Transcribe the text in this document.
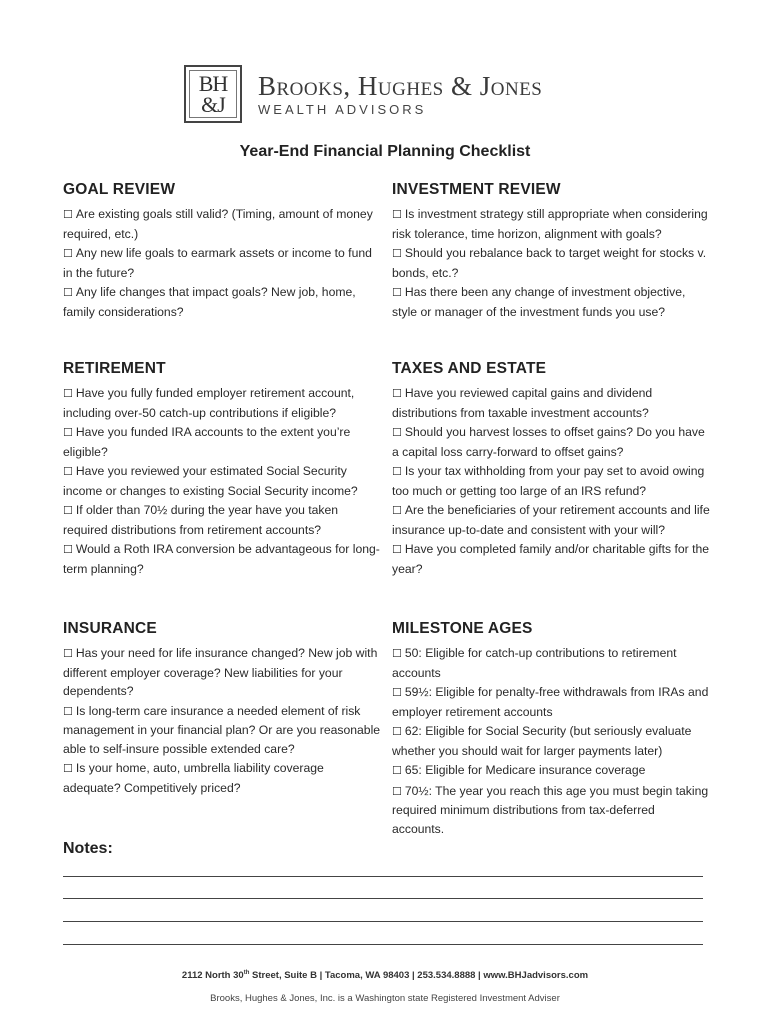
BH
&J
Brooks, Hughes & Jones
WEALTH ADVISORS
Year-End Financial Planning Checklist
GOAL REVIEW
☐ Are existing goals still valid? (Timing, amount of money required, etc.)
☐ Any new life goals to earmark assets or income to fund in the future?
☐ Any life changes that impact goals? New job, home, family considerations?
INVESTMENT REVIEW
☐ Is investment strategy still appropriate when considering risk tolerance, time horizon, alignment with goals?
☐ Should you rebalance back to target weight for stocks v. bonds, etc.?
☐ Has there been any change of investment objective, style or manager of the investment funds you use?
RETIREMENT
☐ Have you fully funded employer retirement account, including over-50 catch-up contributions if eligible?
☐ Have you funded IRA accounts to the extent you’re eligible?
☐ Have you reviewed your estimated Social Security income or changes to existing Social Security income?
☐ If older than 70½ during the year have you taken required distributions from retirement accounts?
☐ Would a Roth IRA conversion be advantageous for long-term planning?
TAXES AND ESTATE
☐ Have you reviewed capital gains and dividend distributions from taxable investment accounts?
☐ Should you harvest losses to offset gains? Do you have a capital loss carry-forward to offset gains?
☐ Is your tax withholding from your pay set to avoid owing too much or getting too large of an IRS refund?
☐ Are the beneficiaries of your retirement accounts and life insurance up-to-date and consistent with your will?
☐ Have you completed family and/or charitable gifts for the year?
INSURANCE
☐ Has your need for life insurance changed? New job with different employer coverage? New liabilities for your dependents?
☐ Is long-term care insurance a needed element of risk management in your financial plan? Or are you reasonable able to self-insure possible extended care?
☐ Is your home, auto, umbrella liability coverage adequate? Competitively priced?
MILESTONE AGES
☐ 50: Eligible for catch-up contributions to retirement accounts
☐ 59½: Eligible for penalty-free withdrawals from IRAs and employer retirement accounts
☐ 62: Eligible for Social Security (but seriously evaluate whether you should wait for larger payments later)
☐ 65: Eligible for Medicare insurance coverage
☐ 70½: The year you reach this age you must begin taking required minimum distributions from tax-deferred accounts.
Notes:
2112 North 30th Street, Suite B | Tacoma, WA 98403 | 253.534.8888 | www.BHJadvisors.com
Brooks, Hughes & Jones, Inc. is a Washington state Registered Investment Adviser
